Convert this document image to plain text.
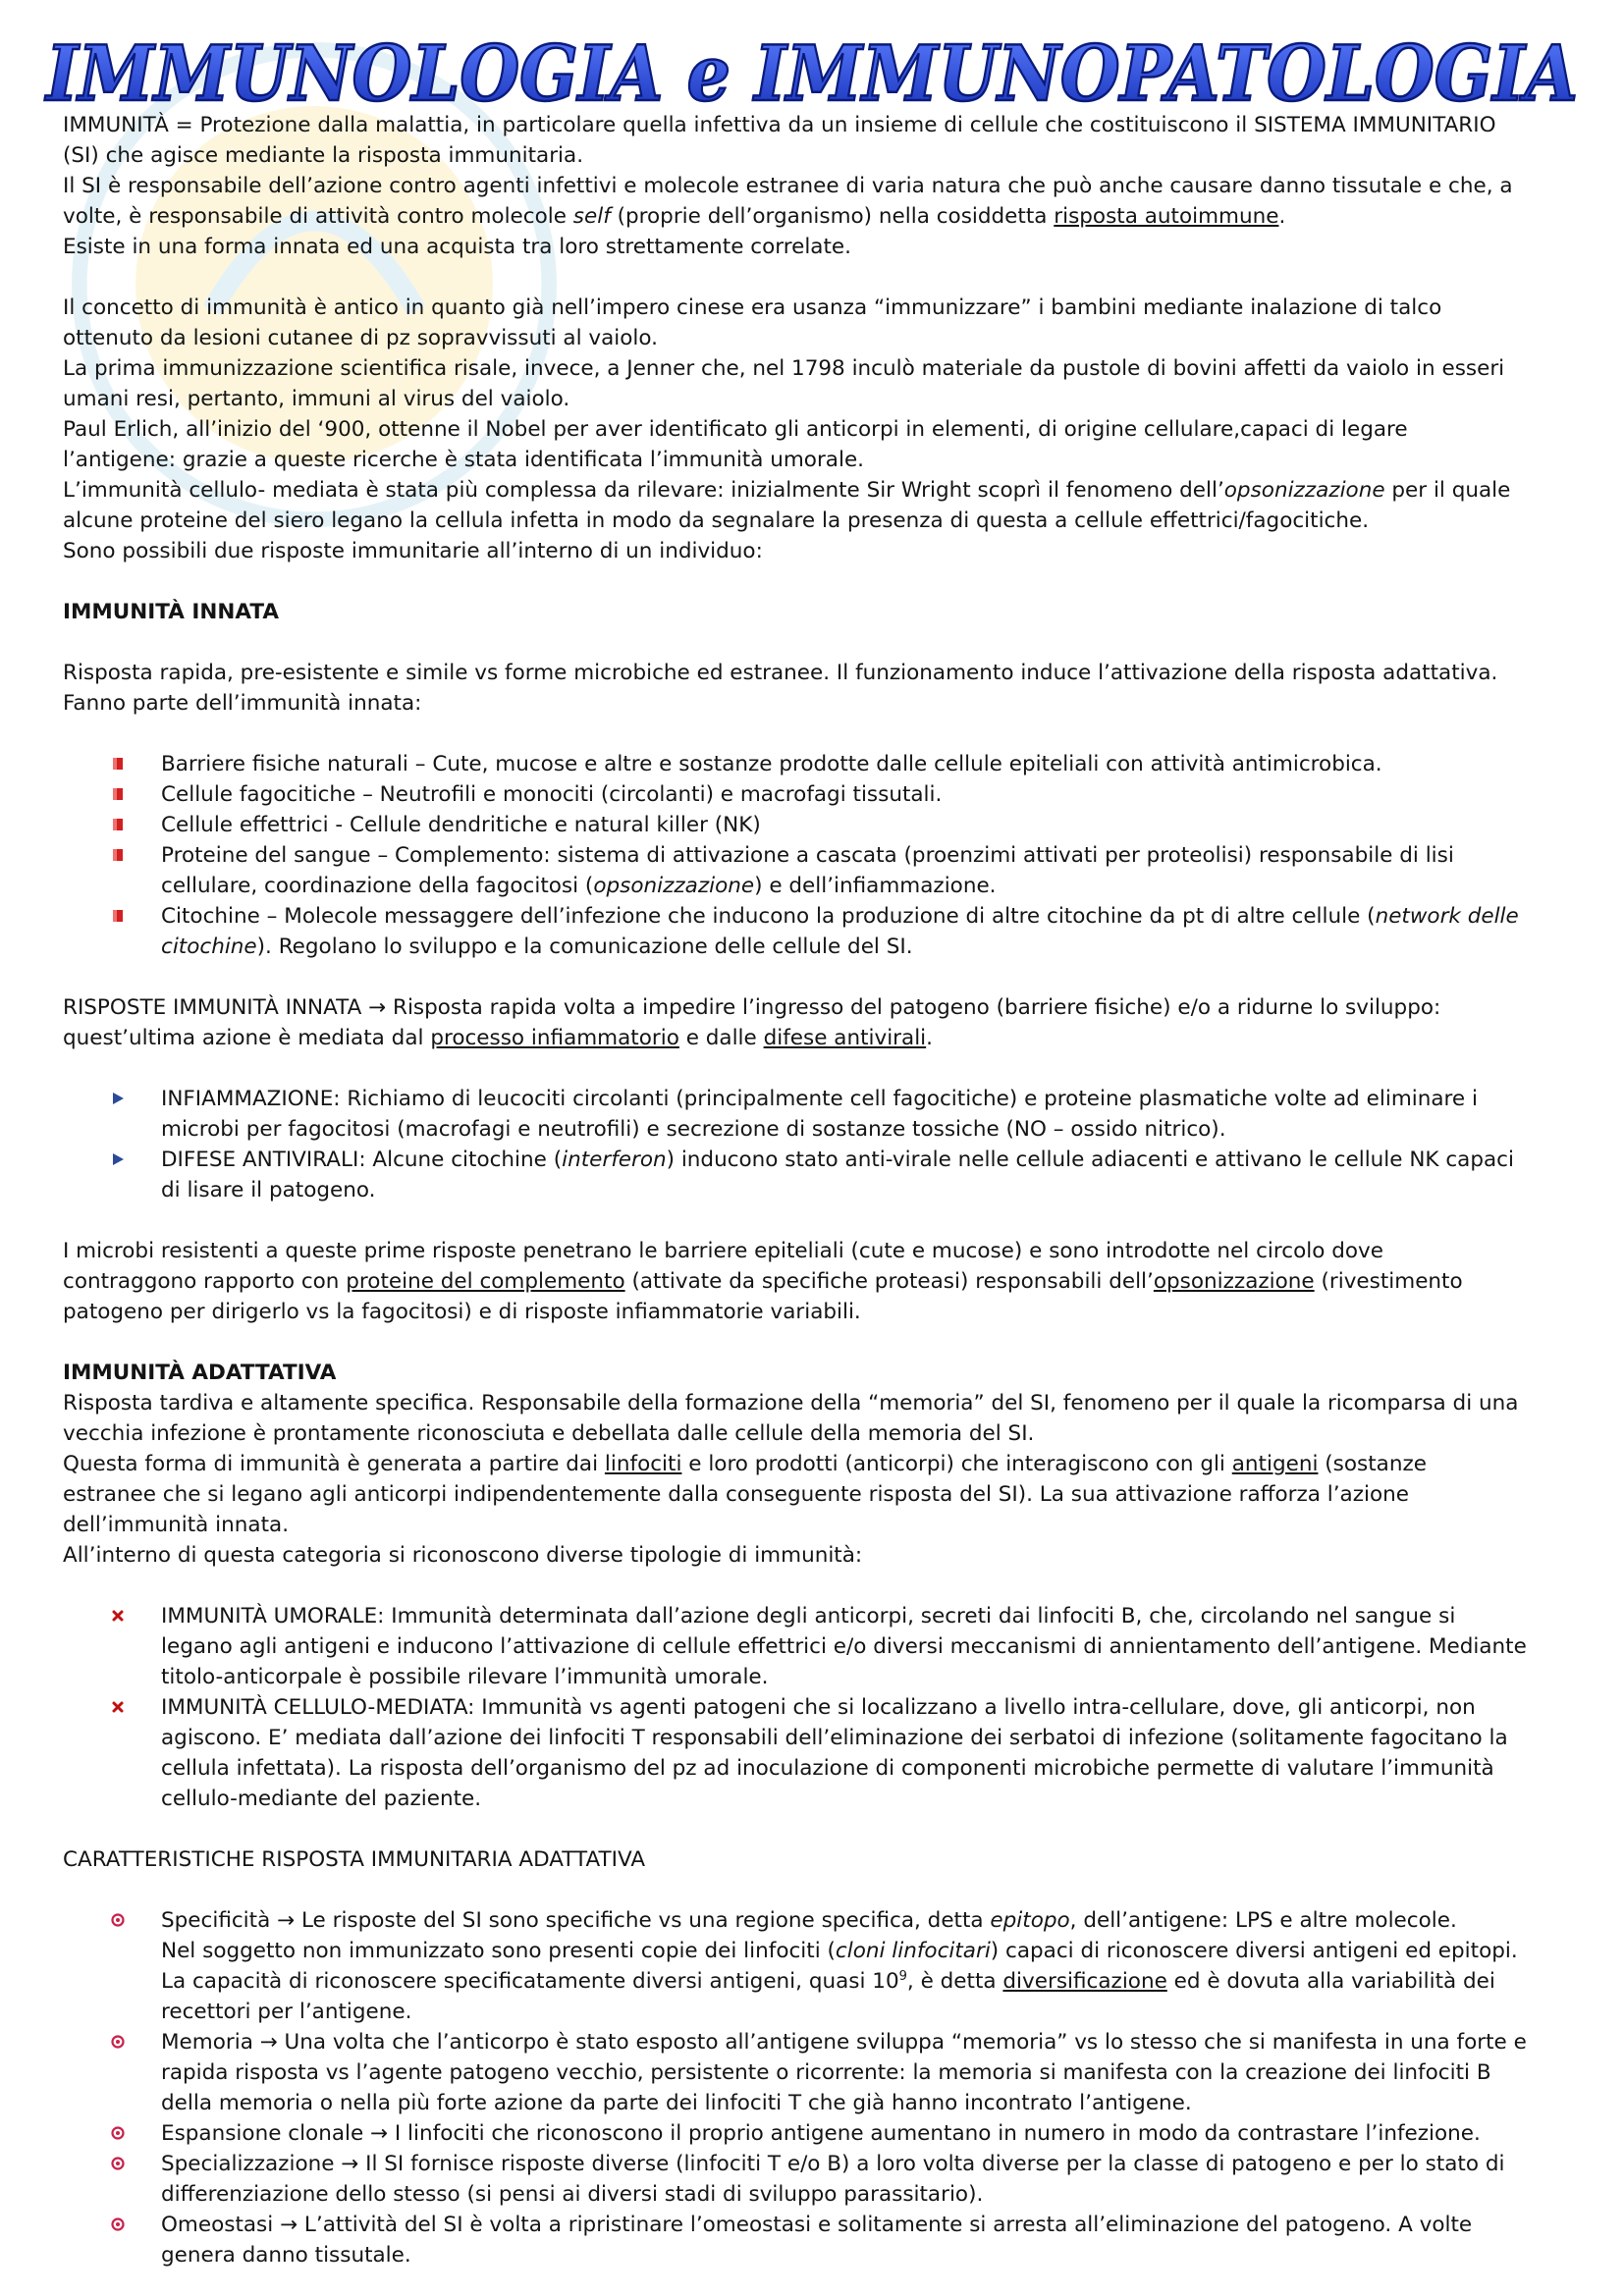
IMMUNOLOGIA e IMMUNOPATOLOGIA

IMMUNITÀ = Protezione dalla malattia, in particolare quella infettiva da un insieme di cellule che costituiscono il SISTEMA IMMUNITARIO

(SI) che agisce mediante la risposta immunitaria.

Il SI è responsabile dell’azione contro agenti infettivi e molecole estranee di varia natura che può anche causare danno tissutale e che, a

volte, è responsabile di attività contro molecole self (proprie dell’organismo) nella cosiddetta risposta autoimmune.

Esiste in una forma innata ed una acquista tra loro strettamente correlate.

Il concetto di immunità è antico in quanto già nell’impero cinese era usanza “immunizzare” i bambini mediante inalazione di talco

ottenuto da lesioni cutanee di pz sopravvissuti al vaiolo.

La prima immunizzazione scientifica risale, invece, a Jenner che, nel 1798 inculò materiale da pustole di bovini affetti da vaiolo in esseri

umani resi, pertanto, immuni al virus del vaiolo.

Paul Erlich, all’inizio del ‘900, ottenne il Nobel per aver identificato gli anticorpi in elementi, di origine cellulare,capaci di legare

l’antigene: grazie a queste ricerche è stata identificata l’immunità umorale.

L’immunità cellulo- mediata è stata più complessa da rilevare: inizialmente Sir Wright scoprì il fenomeno dell’opsonizzazione per il quale

alcune proteine del siero legano la cellula infetta in modo da segnalare la presenza di questa a cellule effettrici/fagocitiche.

Sono possibili due risposte immunitarie all’interno di un individuo:

IMMUNITÀ INNATA

Risposta rapida, pre-esistente e simile vs forme microbiche ed estranee. Il funzionamento induce l’attivazione della risposta adattativa.

Fanno parte dell’immunità innata:

Barriere fisiche naturali – Cute, mucose e altre e sostanze prodotte dalle cellule epiteliali con attività antimicrobica.
Cellule fagocitiche – Neutrofili e monociti (circolanti) e macrofagi tissutali.
Cellule effettrici - Cellule dendritiche e natural killer (NK)

Proteine del sangue – Complemento: sistema di attivazione a cascata (proenzimi attivati per proteolisi) responsabile di lisi

cellulare, coordinazione della fagocitosi (opsonizzazione) e dell’infiammazione.

Citochine – Molecole messaggere dell’infezione che inducono la produzione di altre citochine da pt di altre cellule (network delle

citochine). Regolano lo sviluppo e la comunicazione delle cellule del SI.

RISPOSTE IMMUNITÀ INNATA → Risposta rapida volta a impedire l’ingresso del patogeno (barriere fisiche) e/o a ridurne lo sviluppo:

quest’ultima azione è mediata dal processo infiammatorio e dalle difese antivirali.

INFIAMMAZIONE: Richiamo di leucociti circolanti (principalmente cell fagocitiche) e proteine plasmatiche volte ad eliminare i

microbi per fagocitosi (macrofagi e neutrofili) e secrezione di sostanze tossiche (NO – ossido nitrico).

DIFESE ANTIVIRALI: Alcune citochine (interferon) inducono stato anti-virale nelle cellule adiacenti e attivano le cellule NK capaci

di lisare il patogeno.

I microbi resistenti a queste prime risposte penetrano le barriere epiteliali (cute e mucose) e sono introdotte nel circolo dove

contraggono rapporto con proteine del complemento (attivate da specifiche proteasi) responsabili dell’opsonizzazione (rivestimento

patogeno per dirigerlo vs la fagocitosi) e di risposte infiammatorie variabili.

IMMUNITÀ ADATTATIVA

Risposta tardiva e altamente specifica. Responsabile della formazione della “memoria” del SI, fenomeno per il quale la ricomparsa di una

vecchia infezione è prontamente riconosciuta e debellata dalle cellule della memoria del SI.

Questa forma di immunità è generata a partire dai linfociti e loro prodotti (anticorpi) che interagiscono con gli antigeni (sostanze

estranee che si legano agli anticorpi indipendentemente dalla conseguente risposta del SI). La sua attivazione rafforza l’azione

dell’immunità innata.

All’interno di questa categoria si riconoscono diverse tipologie di immunità:

IMMUNITÀ UMORALE: Immunità determinata dall’azione degli anticorpi, secreti dai linfociti B, che, circolando nel sangue si

legano agli antigeni e inducono l’attivazione di cellule effettrici e/o diversi meccanismi di annientamento dell’antigene. Mediante

titolo-anticorpale è possibile rilevare l’immunità umorale.

IMMUNITÀ CELLULO-MEDIATA: Immunità vs agenti patogeni che si localizzano a livello intra-cellulare, dove, gli anticorpi, non

agiscono. E’ mediata dall’azione dei linfociti T responsabili dell’eliminazione dei serbatoi di infezione (solitamente fagocitano la

cellula infettata). La risposta dell’organismo del pz ad inoculazione di componenti microbiche permette di valutare l’immunità

cellulo-mediante del paziente.

CARATTERISTICHE RISPOSTA IMMUNITARIA ADATTATIVA

Specificità → Le risposte del SI sono specifiche vs una regione specifica, detta epitopo, dell’antigene: LPS e altre molecole.

Nel soggetto non immunizzato sono presenti copie dei linfociti (cloni linfocitari) capaci di riconoscere diversi antigeni ed epitopi.

La capacità di riconoscere specificatamente diversi antigeni, quasi $10^9$, è detta diversificazione ed è dovuta alla variabilità dei

recettori per l’antigene.

Memoria → Una volta che l’anticorpo è stato esposto all’antigene sviluppa “memoria” vs lo stesso che si manifesta in una forte e

rapida risposta vs l’agente patogeno vecchio, persistente o ricorrente: la memoria si manifesta con la creazione dei linfociti B

della memoria o nella più forte azione da parte dei linfociti T che già hanno incontrato l’antigene.

Espansione clonale → I linfociti che riconoscono il proprio antigene aumentano in numero in modo da contrastare l’infezione.

Specializzazione → Il SI fornisce risposte diverse (linfociti T e/o B) a loro volta diverse per la classe di patogeno e per lo stato di

differenziazione dello stesso (si pensi ai diversi stadi di sviluppo parassitario).

Omeostasi → L’attività del SI è volta a ripristinare l’omeostasi e solitamente si arresta all’eliminazione del patogeno. A volte

genera danno tissutale.
